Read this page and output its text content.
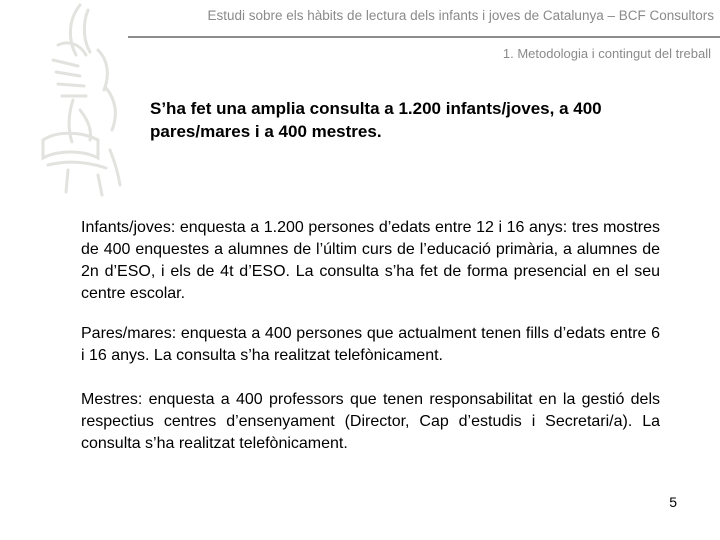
Estudi sobre els hàbits de lectura dels infants i joves de Catalunya – BCF Consultors
1. Metodologia i contingut del treball
S’ha fet una amplia consulta a 1.200 infants/joves, a 400 pares/mares i a 400 mestres.
Infants/joves: enquesta a 1.200 persones d’edats entre 12 i 16 anys: tres mostres de 400 enquestes a alumnes de l’últim curs de l’educació primària, a alumnes de 2n d’ESO, i els de 4t d’ESO. La consulta s’ha fet de forma presencial en el seu centre escolar.
Pares/mares: enquesta a 400 persones que actualment tenen fills d’edats entre 6 i 16 anys. La consulta s’ha realitzat telefònicament.
Mestres: enquesta a 400 professors que tenen responsabilitat en la gestió dels respectius centres d’ensenyament (Director, Cap d’estudis i Secretari/a). La consulta s’ha realitzat telefònicament.
5
